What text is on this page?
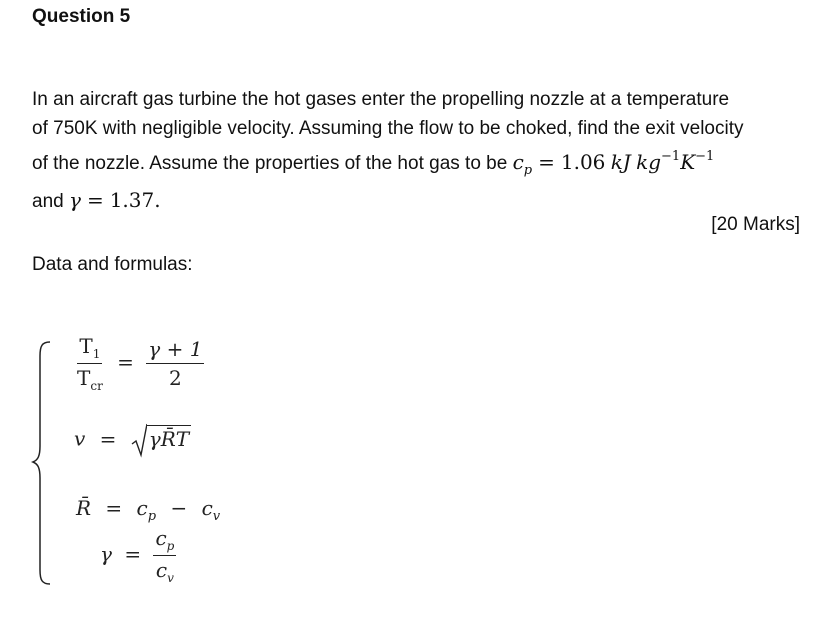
Question 5
In an aircraft gas turbine the hot gases enter the propelling nozzle at a temperature
of 750K with negligible velocity. Assuming the flow to be choked, find the exit velocity
of the nozzle. Assume the properties of the hot gas to be $c_p = 1.06$ kJ $kg^{-1}K^{-1}$
and γ = 1.37.
[20 Marks]
Data and formulas:
$\frac{T_1}{T_{cr}} = \frac{\gamma + 1}{2}$
v = γR̄T
R̄ = $c_p - c_v$
$\gamma = \frac{c_p}{c_v}$
